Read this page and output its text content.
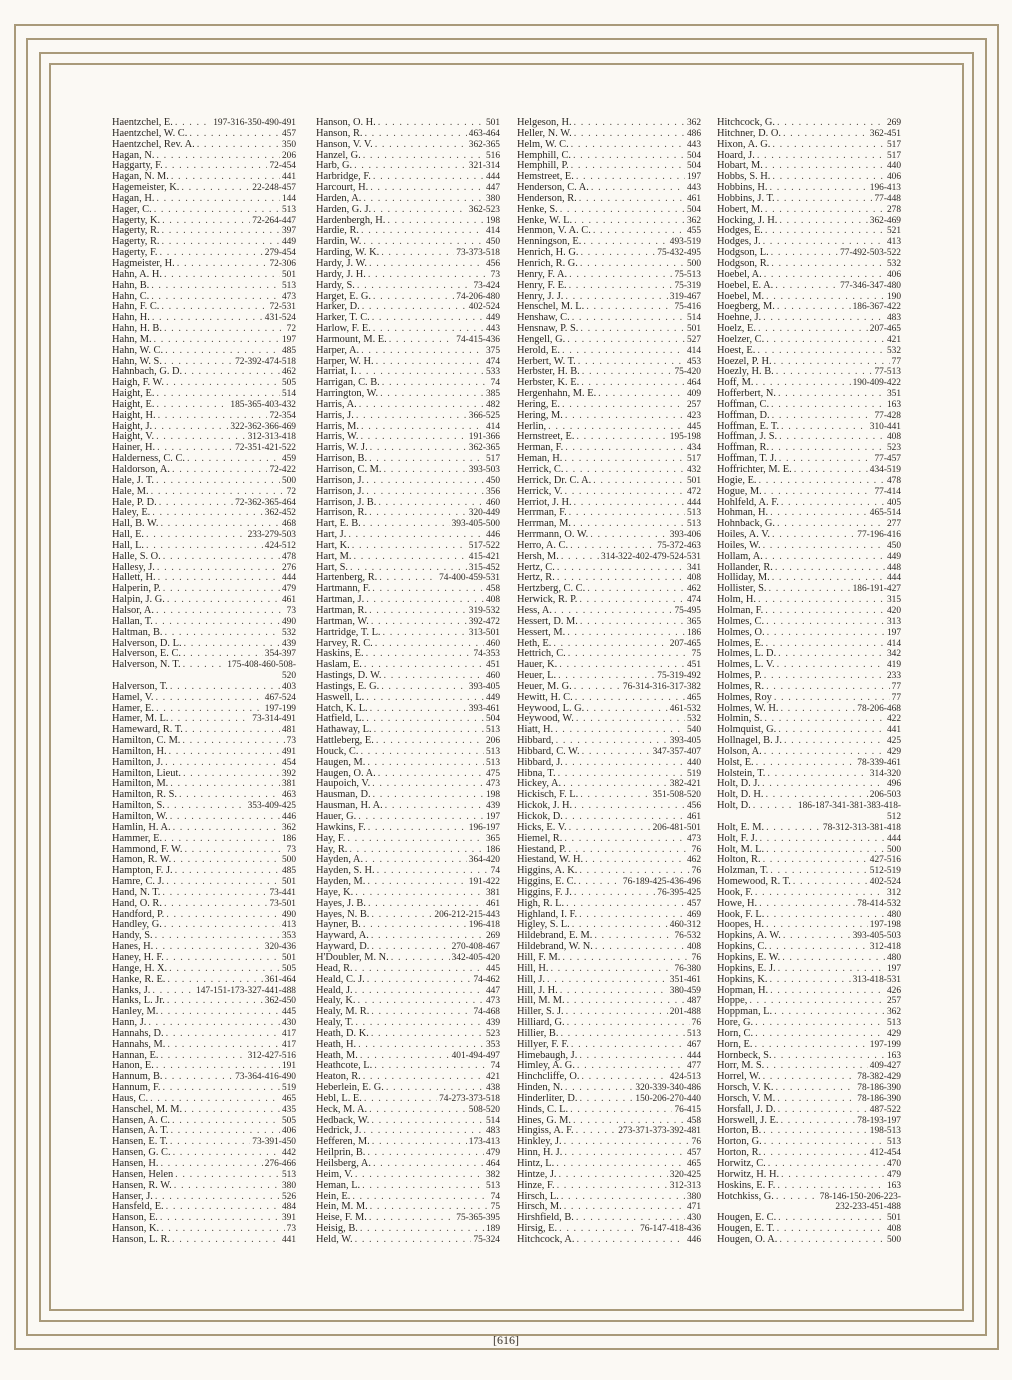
Haentzchel, E. . . .	197-316-350-490-491
Haentzchel, W. C. . . .	457
Haentzchel, Rev. A. . . .	350
Hagan, N. . . .	206
Haggarty, F. . . .	72-454
Hagan, N. M. . . .	441
Hagemeister, K. . . .	22-248-457
Hagan, H. . . .	144
Hager, C. . . .	513
Hagerty, K. . . .	72-264-447
Hagerty, R. . . .	397
Hagerty, R. . . .	449
Hagerty, F. . . .	279-454
Hagmeister, H. . . .	72-306
Hahn, A. H. . . .	501
Hahn, B. . . .	513
Hahn, C. . . .	473
Hahn, F. C. . . .	72-531
Hahn, H. . . .	431-524
Hahn, H. B. . . .	72
Hahn, M. . . .	197
Hahn, W. C. . . .	485
Hahn, W. S. . . .	72-392-474-518
Hahnbach, G. D. . . .	462
Haigh, F. W. . . .	505
Haight, E. . . .	514
Haight, E. . . .	185-365-403-432
Haight, H. . . .	72-354
Haight, J. . . .	322-362-366-469
Haight, V. . . .	312-313-418
Hainer, H. . . .	72-351-421-522
Halderness, C. C. . . .	459
Haldorson, A. . . .	72-422
Hale, J. T. . . .	500
Hale, M. . . .	72
Hale, P. D. . . .	72-362-365-464
Haley, E. . . .	362-452
Hall, B. W. . . .	468
Hall, E. . . .	233-279-503
Hall, L. . . .	424-512
Halle, S. O. . . .	478
Hallesy, J. . . .	276
Hallett, H. . . .	444
Halperin, P. . . .	479
Halpin, J. G. . . .	461
Halsor, A. . . .	73
Hallan, T. . . .	490
Haltman, B. . . .	532
Halverson, D. L. . . .	439
Halverson, E. C. . . .	354-397
Halverson, N. T. . . .	175-408-460-508-
520
Halverson, T. . . .	403
Hamel, V. . . .	467-524
Hamer, E. . . .	197-199
Hamer, M. L. . . .	73-314-491
Hameward, R. T. . . .	481
Hamilton, C. M. . . .	73
Hamilton, H. . . .	491
Hamilton, J. . . .	454
Hamilton, Lieut. . . .	392
Hamilton, M. . . .	381
Hamilton, R. S. . . .	463
Hamilton, S. . . .	353-409-425
Hamilton, W. . . .	446
Hamlin, H. A. . . .	362
Hammer, E. . . .	186
Hammond, F. W. . . .	73
Hamon, R. W. . . .	500
Hampton, F. J. . . .	485
Hamre, C. J. . . .	501
Hand, N. T. . . .	73-441
Hand, O. R. . . .	73-501
Handford, P. . . .	490
Handley, G. . . .	413
Handy, S. . . .	353
Hanes, H. . . .	320-436
Haney, H. F. . . .	501
Hange, H. X. . . .	505
Hanke, R. E. . . .	361-464
Hanks, J. . . .	147-151-173-327-441-488
Hanks, L. Jr. . . .	362-450
Hanley, M. . . .	445
Hann, J. . . .	430
Hannahs, D. . . .	417
Hannahs, M. . . .	417
Hannan, E. . . .	312-427-516
Hanon, E. . . .	191
Hannum, B. . . .	73-364-416-490
Hannum, F. . . .	519
Haus, C. . . .	465
Hanschel, M. M. . . .	435
Hansen, A. C. . . .	505
Hansen, A. T. . . .	406
Hansen, E. T. . . .	73-391-450
Hansen, G. C. . . .	442
Hansen, H. . . .	276-466
Hansen, Helen . . .	513
Hansen, R. W. . . .	380
Hanser, J. . . .	526
Hansfeld, E. . . .	484
Hanson, E. . . .	391
Hanson, K. . . .	73
Hanson, L. R. . . .	441
Hanson, O. H. . . .	501
Hanson, R. . . .	463-464
Hanson, V. V. . . .	362-365
Hanzel, G. . . .	516
Harb, G. . . .	321-314
Harbridge, F. . . .	444
Harcourt, H. . . .	447
Harden, A. . . .	380
Harden, G. J. . . .	362-523
Hardenbergh, H. . . .	198
Hardie, R. . . .	414
Hardin, W. . . .	450
Harding, W. K. . . .	73-373-518
Hardy, J. W. . . .	456
Hardy, J. H. . . .	73
Hardy, S. . . .	73-424
Harget, E. G. . . .	74-206-480
Harker, D. . . .	402-524
Harker, T. C. . . .	449
Harlow, F. E. . . .	443
Harmount, M. E. . . .	74-415-436
Harper, A. . . .	375
Harper, W. H. . . .	474
Harriat, I. . . .	533
Harrigan, C. B. . . .	74
Harrington, W. . . .	385
Harris, A. . . .	482
Harris, J. . . .	366-525
Harris, M. . . .	414
Harris, W. . . .	191-366
Harris, W. J. . . .	362-365
Harrison, B. . . .	517
Harrison, C. M. . . .	393-503
Harrison, J. . . .	450
Harrison, J. . . .	356
Harrison, J. B. . . .	460
Harrison, R. . . .	320-449
Hart, E. B. . . .	393-405-500
Hart, J. . . .	446
Hart, K. . . .	517-522
Hart, M. . . .	415-421
Hart, S. . . .	315-452
Hartenberg, R. . . .	74-400-459-531
Hartmann, F. . . .	458
Hartman, J. . . .	408
Hartman, R. . . .	319-532
Hartman, W. . . .	392-472
Hartridge, T. L. . . .	313-501
Harvey, R. C. . . .	460
Haskins, E. . . .	74-353
Haslam, E. . . .	451
Hastings, D. W. . . .	460
Hastings, E. G. . . .	393-405
Haswell, L. . . .	449
Hatch, K. L. . . .	393-461
Hatfield, L. . . .	504
Hathaway, L. . . .	513
Hattleberg, E. . . .	206
Houck, C. . . .	513
Haugen, M. . . .	513
Haugen, O. A. . . .	475
Haupoich, V. . . .	473
Hausman, D. . . .	198
Hausman, H. A. . . .	439
Hauer, G. . . .	197
Hawkins, F. . . .	196-197
Hay, F. . . .	365
Hay, R. . . .	186
Hayden, A. . . .	364-420
Hayden, S. H. . . .	74
Hayden, M. . . .	191-422
Haye, K. . . .	381
Hayes, J. B. . . .	461
Hayes, N. B. . . .	206-212-215-443
Hayner, B. . . .	196-418
Hayward, A. . . .	269
Hayward, D. . . .	270-408-467
H'Doubler, M. N. . . .	342-405-420
Head, R. . . .	445
Heald, C. J. . . .	74-462
Heald, J. . . .	447
Healy, K. . . .	473
Healy, M. R. . . .	74-468
Healy, T. . . .	439
Heath, D. K. . . .	523
Heath, H. . . .	353
Heath, M. . . .	401-494-497
Heathcote, L. . . .	74
Heaton, R. . . .	421
Heberlein, E. G. . . .	438
Hebl, L. E. . . .	74-273-373-518
Heck, M. A. . . .	508-520
Hedback, W. . . .	514
Hedrick, J. . . .	483
Hefferen, M. . . .	173-413
Heilprin, B. . . .	479
Heilsberg, A. . . .	464
Heim, V. . . .	382
Heman, L. . . .	513
Hein, E. . . .	74
Hein, M. M. . . .	75
Heise, F. M. . . .	75-365-395
Heisig, B. . . .	189
Held, W. . . .	75-324
Helgeson, H. . . .	362
Heller, N. W. . . .	486
Helm, W. C. . . .	443
Hemphill, C. . . .	504
Hemphill, P. . . .	504
Hemstreet, E. . . .	197
Henderson, C. A. . . .	443
Henderson, R. . . .	461
Henke, S. . . .	504
Henke, W. L. . . .	362
Henmon, V. A. C. . . .	455
Henningson, E. . . .	493-519
Henrich, H. G. . . .	75-432-495
Henrich, R. G. . . .	500
Henry, F. A. . . .	75-513
Henry, F. E. . . .	75-319
Henry, J. J. . . .	319-467
Henschel, M. L. . . .	75-416
Henshaw, C. . . .	514
Hensnaw, P. S. . . .	501
Hengell, G. . . .	527
Herold, E. . . .	414
Herbert, W. T. . . .	453
Herbster, H. B. . . .	75-420
Herbster, K. E. . . .	464
Hergenhahn, M. E. . . .	409
Hering, E. . . .	257
Hering, M. . . .	423
Herlin, . . .	445
Hernstreet, E. . . .	195-198
Herman, F. . . .	434
Heman, H. . . .	517
Herrick, C. . . .	432
Herrick, Dr. C. A. . . .	501
Herrick, V. . . .	472
Herriot, J. H. . . .	444
Herrman, F. . . .	513
Herrman, M. . . .	513
Herrmann, O. W. . . .	393-406
Herro, A. C. . . .	75-372-463
Hersh, M. . . .	314-322-402-479-524-531
Hertz, C. . . .	341
Hertz, R. . . .	408
Hertzberg, C. C. . . .	462
Herwick, R. P. . . .	474
Hess, A. . . .	75-495
Hessert, D. M. . . .	365
Hessert, M. . . .	186
Heth, E. . . .	207-465
Hettrich, C. . . .	75
Hauer, K. . . .	451
Heuer, L. . . .	75-319-492
Heuer, M. G. . . .	76-314-316-317-382
Hewitt, H. C. . . .	465
Heywood, L. G. . . .	461-532
Heywood, W. . . .	532
Hiatt, H. . . .	540
Hibbard, . . .	393-405
Hibbard, C. W. . . .	347-357-407
Hibbard, J. . . .	440
Hibna, T. . . .	519
Hickey, A. . . .	382-421
Hickisch, F. L. . . .	351-508-520
Hickok, J. H. . . .	456
Hickok, D. . . .	461
Hicks, E. V. . . .	206-481-501
Hiemel, R. . . .	473
Hiestand, P. . . .	76
Hiestand, W. H. . . .	462
Higgins, A. K. . . .	76
Higgins, E. C. . . .	76-189-425-436-496
Higgins, F. J. . . .	76-395-425
High, R. L. . . .	457
Highland, I. F. . . .	469
Higley, S. L. . . .	460-312
Hildebrand, E. M. . . .	76-532
Hildebrand, W. N. . . .	408
Hill, F. M. . . .	76
Hill, H. . . .	76-380
Hill, J. . . .	351-461
Hill, J. H. . . .	380-459
Hill, M. M. . . .	487
Hiller, S. J. . . .	201-488
Hilliard, G. . . .	76
Hillier, B. . . .	513
Hillyer, F. F. . . .	467
Himebaugh, J. . . .	444
Himley, A. G. . . .	477
Hinchcliffe, O. . . .	424-513
Hinden, N. . . .	320-339-340-486
Hinderliter, D. . . .	150-206-270-440
Hinds, C. L. . . .	76-415
Hines, G. M. . . .	458
Hingiss, A. F. . . .	273-371-373-392-481
Hinkley, J. . . .	76
Hinn, H. J. . . .	457
Hintz, L. . . .	465
Hintze, J. . . .	320-425
Hinze, F. . . .	312-313
Hirsch, L. . . .	380
Hirsch, M. . . .	471
Hirshfield, B. . . .	430
Hirsig, E. . . .	76-147-418-436
Hitchcock, A. . . .	446
Hitchcock, G. . . .	269
Hitchner, D. O. . . .	362-451
Hixon, A. G. . . .	517
Hoard, J. . . .	517
Hobart, M. . . .	440
Hobbs, S. H. . . .	406
Hobbins, H. . . .	196-413
Hobbins, J. T. . . .	77-448
Hobert, M. . . .	278
Hocking, J. H. . . .	362-469
Hodges, E. . . .	521
Hodges, J. . . .	413
Hodgson, L. . . .	77-492-503-522
Hodgson, R. . . .	532
Hoebel, A. . . .	406
Hoebel, E. A. . . .	77-346-347-480
Hoebel, M. . . .	190
Hoegberg, M. . . .	186-367-422
Hoehne, J. . . .	483
Hoelz, E. . . .	207-465
Hoelzer, C. . . .	421
Hoest, E. . . .	532
Hoezel, P. H. . . .	77
Hoezly, H. B. . . .	77-513
Hoff, M. . . .	190-409-422
Hofferbert, N. . . .	351
Hoffman, C. . . .	163
Hoffman, D. . . .	77-428
Hoffman, E. T. . . .	310-441
Hoffman, J. S. . . .	408
Hoffman, R. . . .	523
Hoffman, T. J. . . .	77-457
Hoffrichter, M. E. . . .	434-519
Hogie, E. . . .	478
Hogue, M. . . .	77-414
Hohlfeld, A. F. . . .	405
Hohman, H. . . .	465-514
Hohnback, G. . . .	277
Hoiles, A. V. . . .	77-196-416
Hoiles, W. . . .	450
Hollam, A. . . .	449
Hollander, R. . . .	448
Holliday, M. . . .	444
Hollister, S. . . .	186-191-427
Holm, H. . . .	315
Holman, F. . . .	420
Holmes, C. . . .	313
Holmes, O. . . .	197
Holmes, E. . . .	414
Holmes, L. D. . . .	342
Holmes, L. V. . . .	419
Holmes, P. . . .	233
Holmes, R. . . .	77
Holmes, Roy . . .	77
Holmes, W. H. . . .	78-206-468
Holmin, S. . . .	422
Holmquist, G. . . .	441
Hollnagel, B. J. . . .	425
Holson, A. . . .	429
Holst, E. . . .	78-339-461
Holstein, T. . . .	314-320
Holt, D. J. . . .	496
Holt, D. H. . . .	206-503
Holt, D. . . .	186-187-341-381-383-418-
512
Holt, E. M. . . .	78-312-313-381-418
Holt, F. J. . . .	444
Holt, M. L. . . .	500
Holton, R. . . .	427-516
Holzman, T. . . .	512-519
Homewood, R. T. . . .	402-524
Hook, F. . . .	312
Howe, H. . . .	78-414-532
Hook, F. L. . . .	480
Hoopes, H. . . .	197-198
Hopkins, A. W. . . .	393-405-503
Hopkins, C. . . .	312-418
Hopkins, E. W. . . .	480
Hopkins, E. J. . . .	197
Hopkins, K. . . .	313-418-531
Hopman, H. . . .	426
Hoppe, . . .	257
Hoppman, L. . . .	362
Hore, G. . . .	513
Horn, C. . . .	429
Horn, E. . . .	197-199
Hornbeck, S. . . .	163
Horr, M. S. . . .	409-427
Horrel, W. . . .	78-382-429
Horsch, V. K. . . .	78-186-390
Horsch, V. M. . . .	78-186-390
Horsfall, J. D. . . .	487-522
Horswell, J. E. . . .	78-193-197
Horton, B. . . .	198-513
Horton, G. . . .	513
Horton, R. . . .	412-454
Horwitz, C. . . .	470
Horwitz, H. H. . . .	479
Hoskins, E. F. . . .	163
Hotchkiss, G. . . .	78-146-150-206-223-
232-233-451-488
Hougen, E. C. . . .	501
Hougen, E. T. . . .	408
Hougen, O. A. . . .	500
[616]
